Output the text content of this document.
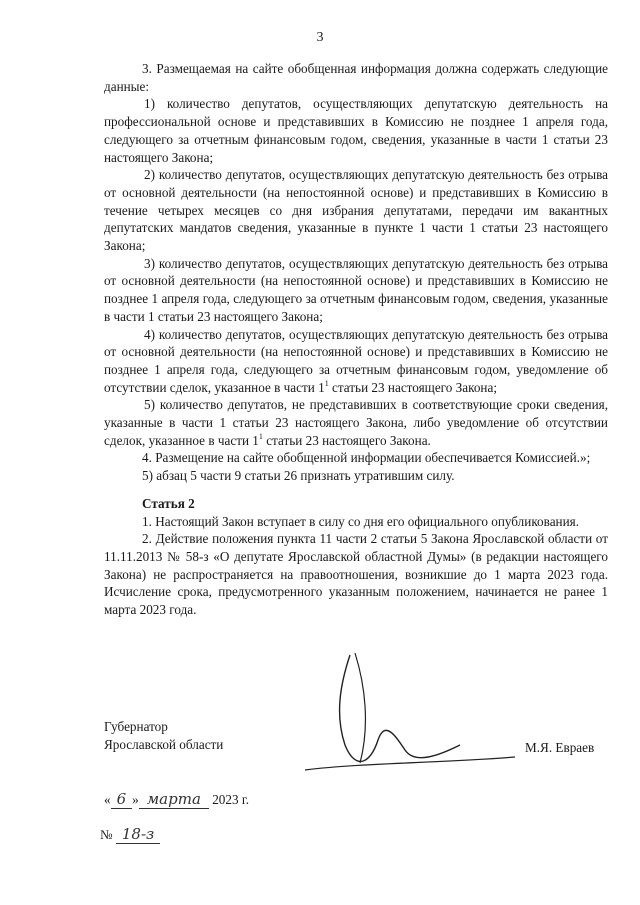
3

3. Размещаемая на сайте обобщенная информация должна содержать следующие данные:

1) количество депутатов, осуществляющих депутатскую деятельность на профессиональной основе и представивших в Комиссию не позднее 1 апреля года, следующего за отчетным финансовым годом, сведения, указанные в части 1 статьи 23 настоящего Закона;

2) количество депутатов, осуществляющих депутатскую деятельность без отрыва от основной деятельности (на непостоянной основе) и представивших в Комиссию в течение четырех месяцев со дня избрания депутатами, передачи им вакантных депутатских мандатов сведения, указанные в пункте 1 части 1 статьи 23 настоящего Закона;

3) количество депутатов, осуществляющих депутатскую деятельность без отрыва от основной деятельности (на непостоянной основе) и представивших в Комиссию не позднее 1 апреля года, следующего за отчетным финансовым годом, сведения, указанные в части 1 статьи 23 настоящего Закона;

4) количество депутатов, осуществляющих депутатскую деятельность без отрыва от основной деятельности (на непостоянной основе) и представивших в Комиссию не позднее 1 апреля года, следующего за отчетным финансовым годом, уведомление об отсутствии сделок, указанное в части $1^1$ статьи 23 настоящего Закона;

5) количество депутатов, не представивших в соответствующие сроки сведения, указанные в части 1 статьи 23 настоящего Закона, либо уведомление об отсутствии сделок, указанное в части $1^1$ статьи 23 настоящего Закона.

4. Размещение на сайте обобщенной информации обеспечивается Комиссией.»;

5) абзац 5 части 9 статьи 26 признать утратившим силу.

Статья 2

1. Настоящий Закон вступает в силу со дня его официального опубликования.

2. Действие положения пункта 11 части 2 статьи 5 Закона Ярославской области от 11.11.2013 № 58-з «О депутате Ярославской областной Думы» (в редакции настоящего Закона) не распространяется на правоотношения, возникшие до 1 марта 2023 года. Исчисление срока, предусмотренного указанным положением, начинается не ранее 1 марта 2023 года.

Губернатор
Ярославской области	М.Я. Евраев
« 6 » марта 2023 г.
№ 18-з
